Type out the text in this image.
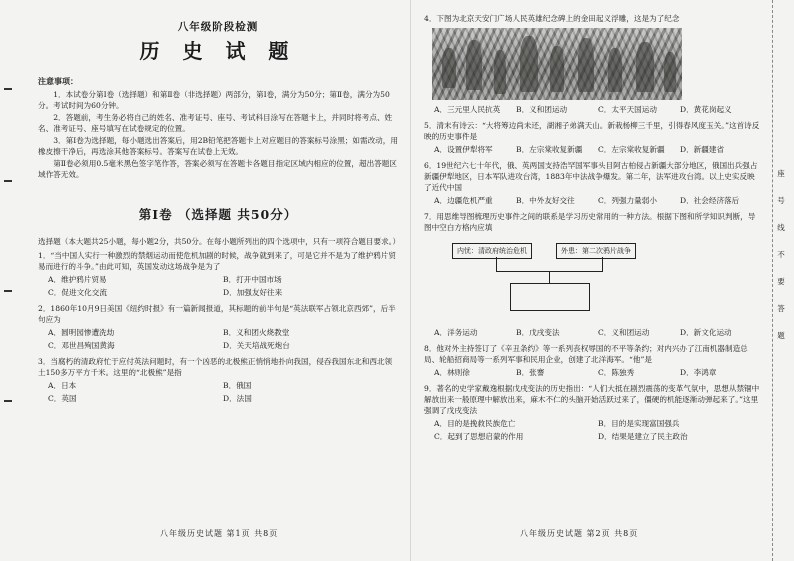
八年级阶段检测
历 史 试 题
注意事项：
1．本试卷分第Ⅰ卷（选择题）和第Ⅱ卷（非选择题）两部分，第Ⅰ卷，满分为50分；第Ⅱ卷，满分为50分。考试时间为60分钟。
2．答题前，考生务必将自己的姓名、准考证号、座号、考试科目涂写在答题卡上，并同时将考点、姓名、准考证号、座号填写在试卷规定的位置。
3．第Ⅰ卷为选择题，每小题选出答案后，用2B铅笔把答题卡上对应题目的答案标号涂黑；如需改动，用橡皮擦干净后，再选涂其他答案标号。答案写在试卷上无效。
第Ⅱ卷必须用0.5毫米黑色签字笔作答，答案必须写在答题卡各题目指定区域内相应的位置，超出答题区域作答无效。
第Ⅰ卷 （选择题 共50分）
选择题（本大题共25小题，每小题2分，共50分。在每小题所列出的四个选项中，只有一项符合题目要求。）
1．“当中国人实行一种激烈的禁烟运动而使危机加剧的时候，战争就到来了，可是它并不是为了维护鸦片贸易而进行的斗争。”由此可知，英国发动这场战争是为了
A．维护鸦片贸易	B．打开中国市场
C．促进文化交流	D．加强友好往来
2．1860年10月9日美国《纽约时报》有一篇新闻报道，其标题的前半句是“英法联军占领北京西郊”，后半句应为
A．圆明园惨遭洗劫	B．义和团火烧教堂
C．邓世昌殉国黄海	D．关天培战死炮台
3．当腐朽的清政府忙于应付英法问题时，有一个凶恶的北极熊正悄悄地扑向我国，侵吞我国东北和西北领土150多万平方千米。这里的“北极熊”是指
A．日本	B．俄国
C．英国	D．法国
八年级历史试题 第1页 共8页
4．下图为北京天安门广场人民英雄纪念碑上的金田起义浮雕，这是为了纪念
A．三元里人民抗英	B．义和团运动	C．太平天国运动	D．黄花岗起义
5．清末有诗云：“大将筹边尚未还，湖湘子弟满天山。新栽杨柳三千里，引得春风度玉关。”这首诗反映的历史事件是
A．设置伊犁将军	B．左宗棠收复新疆	C．左宗棠收复新疆	D．新疆建省
6．19世纪六七十年代，俄、英两国支持浩罕国军事头目阿古柏侵占新疆大部分地区，俄国出兵强占新疆伊犁地区，日本军队进攻台湾，1883年中法战争爆发。第二年，法军进攻台湾。以上史实反映了近代中国
A．边疆危机严重	B．中外友好交往	C．列强力量弱小	D．社会经济落后
7．用思维导图梳理历史事件之间的联系是学习历史常用的一种方法。根据下图和所学知识判断，导图中空白方格内应填
内忧：清政府统治危机	外患：第二次鸦片战争
A．洋务运动	B．戊戌变法	C．义和团运动	D．新文化运动
8．他对外主持签订了《辛丑条约》等一系列丧权辱国的不平等条约；对内兴办了江南机器制造总局、轮船招商局等一系列军事和民用企业，创建了北洋海军。“他”是
A．林则徐	B．张謇	C．陈独秀	D．李鸿章
9．著名的史学家戴逸根据戊戌变法的历史指出：“人们大抵在剧烈震荡的变革气氛中，思想从禁锢中解放出来一般原理中解放出来，麻木不仁的头脑开始活跃过来了，僵硬的机能逐渐动弹起来了。”这里强调了戊戌变法
A．目的是挽救民族危亡	B．目的是实现富国强兵
C．起到了思想启蒙的作用	D．结果是建立了民主政治
八年级历史试题 第2页 共8页
座
号
线
不
要
答
题
